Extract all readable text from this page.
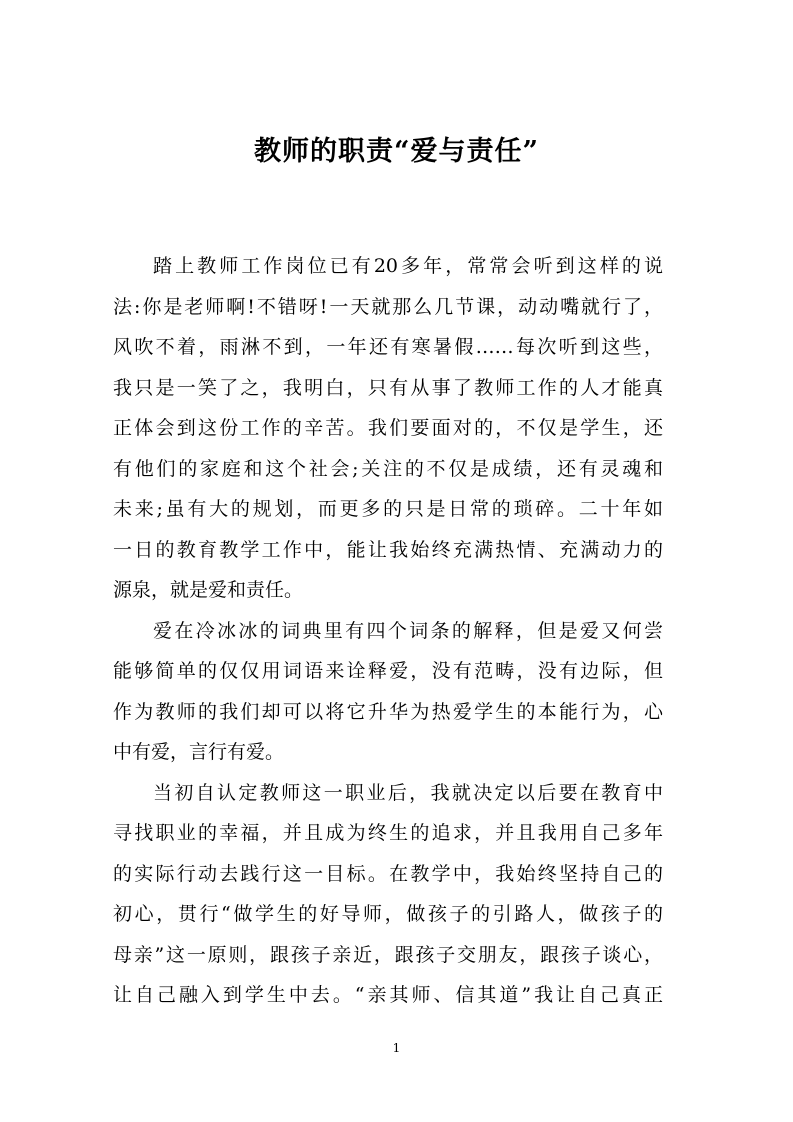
教师的职责“爱与责任”
踏上教师工作岗位已有20多年，常常会听到这样的说
法:你是老师啊!不错呀!一天就那么几节课，动动嘴就行了，
风吹不着，雨淋不到，一年还有寒暑假……每次听到这些，
我只是一笑了之，我明白，只有从事了教师工作的人才能真
正体会到这份工作的辛苦。我们要面对的，不仅是学生，还
有他们的家庭和这个社会;关注的不仅是成绩，还有灵魂和
未来;虽有大的规划，而更多的只是日常的琐碎。二十年如
一日的教育教学工作中，能让我始终充满热情、充满动力的
源泉，就是爱和责任。
爱在冷冰冰的词典里有四个词条的解释，但是爱又何尝
能够简单的仅仅用词语来诠释爱，没有范畴，没有边际，但
作为教师的我们却可以将它升华为热爱学生的本能行为，心
中有爱，言行有爱。
当初自认定教师这一职业后，我就决定以后要在教育中
寻找职业的幸福，并且成为终生的追求，并且我用自己多年
的实际行动去践行这一目标。在教学中，我始终坚持自己的
初心，贯行“做学生的好导师，做孩子的引路人，做孩子的
母亲”这一原则，跟孩子亲近，跟孩子交朋友，跟孩子谈心，
让自己融入到学生中去。“亲其师、信其道”我让自己真正
1
